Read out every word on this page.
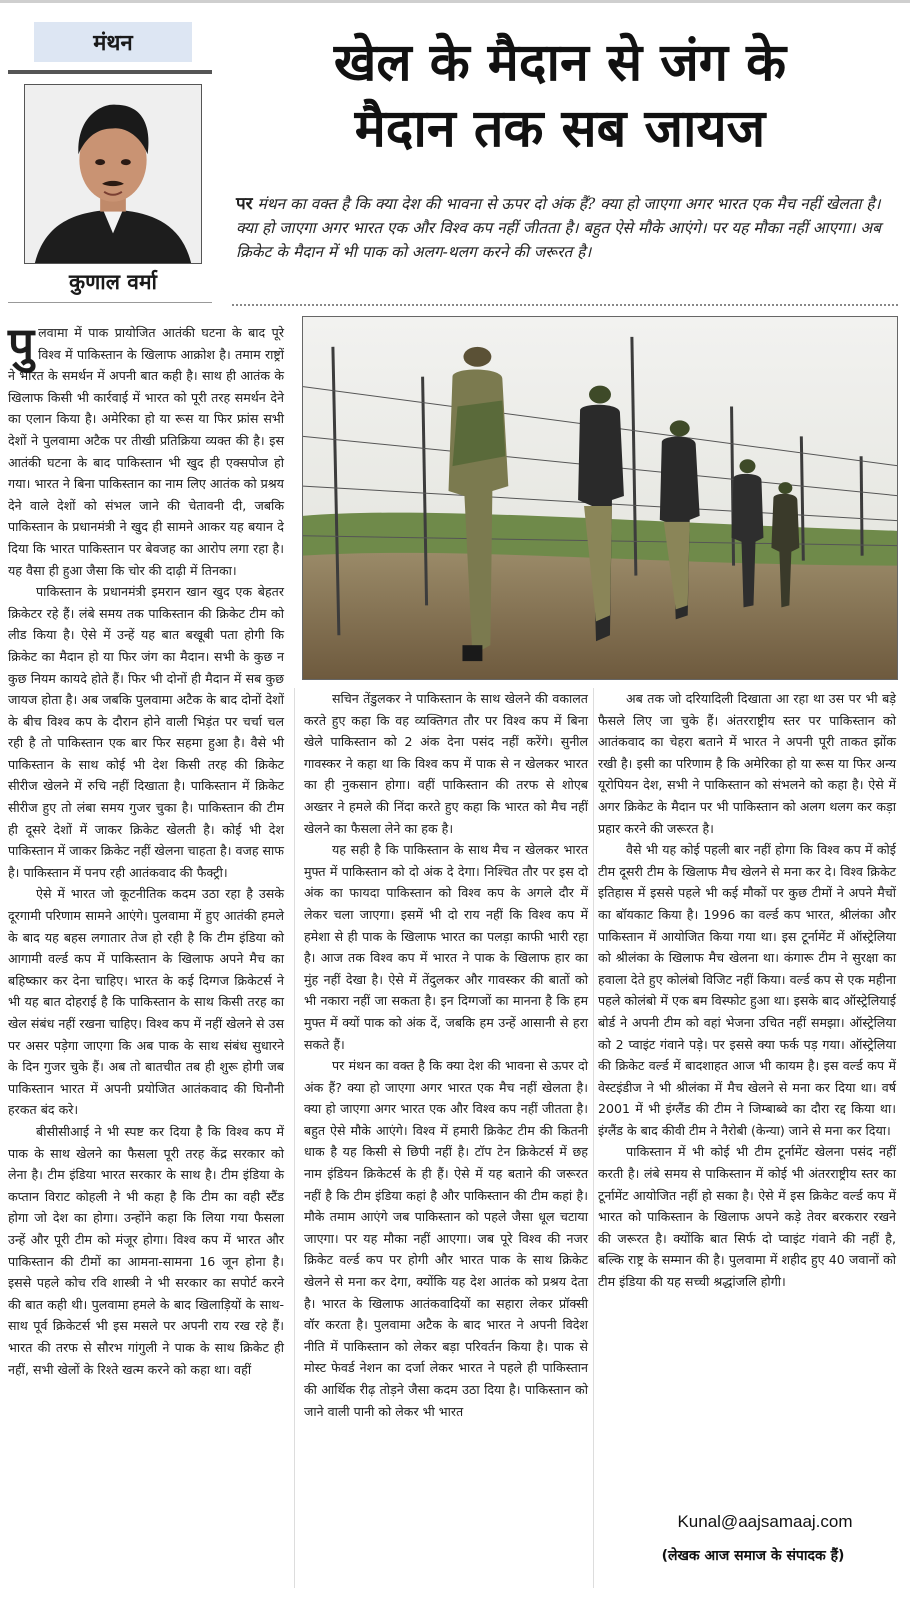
मंथन
कुणाल वर्मा
खेल के मैदान से जंग के
मैदान तक सब जायज
पर मंथन का वक्त है कि क्या देश की भावना से ऊपर दो अंक हैं? क्या हो जाएगा अगर भारत एक मैच नहीं खेलता है। क्या हो जाएगा अगर भारत एक और विश्व कप नहीं जीतता है। बहुत ऐसे मौके आएंगे। पर यह मौका नहीं आएगा। अब क्रिकेट के मैदान में भी पाक को अलग-थलग करने की जरूरत है।

पुलवामा में पाक प्रायोजित आतंकी घटना के बाद पूरे विश्व में पाकिस्तान के खिलाफ आक्रोश है। तमाम राष्ट्रों ने भारत के समर्थन में अपनी बात कही है। साथ ही आतंक के खिलाफ किसी भी कार्रवाई में भारत को पूरी तरह समर्थन देने का एलान किया है। अमेरिका हो या रूस या फिर फ्रांस सभी देशों ने पुलवामा अटैक पर तीखी प्रतिक्रिया व्यक्त की है। इस आतंकी घटना के बाद पाकिस्तान भी खुद ही एक्सपोज हो गया। भारत ने बिना पाकिस्तान का नाम लिए आतंक को प्रश्रय देने वाले देशों को संभल जाने की चेतावनी दी, जबकि पाकिस्तान के प्रधानमंत्री ने खुद ही सामने आकर यह बयान दे दिया कि भारत पाकिस्तान पर बेवजह का आरोप लगा रहा है। यह वैसा ही हुआ जैसा कि चोर की दाढ़ी में तिनका।

पाकिस्तान के प्रधानमंत्री इमरान खान खुद एक बेहतर क्रिकेटर रहे हैं। लंबे समय तक पाकिस्तान की क्रिकेट टीम को लीड किया है। ऐसे में उन्हें यह बात बखूबी पता होगी कि क्रिकेट का मैदान हो या फिर जंग का मैदान। सभी के कुछ न कुछ नियम कायदे होते हैं। फिर भी दोनों ही मैदान में सब कुछ जायज होता है। अब जबकि पुलवामा अटैक के बाद दोनों देशों के बीच विश्व कप के दौरान होने वाली भिड़ंत पर चर्चा चल रही है तो पाकिस्तान एक बार फिर सहमा हुआ है। वैसे भी पाकिस्तान के साथ कोई भी देश किसी तरह की क्रिकेट सीरीज खेलने में रुचि नहीं दिखाता है। पाकिस्तान में क्रिकेट सीरीज हुए तो लंबा समय गुजर चुका है। पाकिस्तान की टीम ही दूसरे देशों में जाकर क्रिकेट खेलती है। कोई भी देश पाकिस्तान में जाकर क्रिकेट नहीं खेलना चाहता है। वजह साफ है। पाकिस्तान में पनप रही आतंकवाद की फैक्ट्री।

ऐसे में भारत जो कूटनीतिक कदम उठा रहा है उसके दूरगामी परिणाम सामने आएंगे। पुलवामा में हुए आतंकी हमले के बाद यह बहस लगातार तेज हो रही है कि टीम इंडिया को आगामी वर्ल्ड कप में पाकिस्तान के खिलाफ अपने मैच का बहिष्कार कर देना चाहिए। भारत के कई दिग्गज क्रिकेटर्स ने भी यह बात दोहराई है कि पाकिस्तान के साथ किसी तरह का खेल संबंध नहीं रखना चाहिए। विश्व कप में नहीं खेलने से उस पर असर पड़ेगा जाएगा कि अब पाक के साथ संबंध सुधारने के दिन गुजर चुके हैं। अब तो बातचीत तब ही शुरू होगी जब पाकिस्तान भारत में अपनी प्रयोजित आतंकवाद की घिनौनी हरकत बंद करे।

बीसीसीआई ने भी स्पष्ट कर दिया है कि विश्व कप में पाक के साथ खेलने का फैसला पूरी तरह केंद्र सरकार को लेना है। टीम इंडिया भारत सरकार के साथ है। टीम इंडिया के कप्तान विराट कोहली ने भी कहा है कि टीम का वही स्टैंड होगा जो देश का होगा। उन्होंने कहा कि लिया गया फैसला उन्हें और पूरी टीम को मंजूर होगा। विश्व कप में भारत और पाकिस्तान की टीमों का आमना-सामना 16 जून होना है। इससे पहले कोच रवि शास्त्री ने भी सरकार का सपोर्ट करने की बात कही थी। पुलवामा हमले के बाद खिलाड़ियों के साथ-साथ पूर्व क्रिकेटर्स भी इस मसले पर अपनी राय रख रहे हैं। भारत की तरफ से सौरभ गांगुली ने पाक के साथ क्रिकेट ही नहीं, सभी खेलों के रिश्ते खत्म करने को कहा था। वहीं

सचिन तेंडुलकर ने पाकिस्तान के साथ खेलने की वकालत करते हुए कहा कि वह व्यक्तिगत तौर पर विश्व कप में बिना खेले पाकिस्तान को 2 अंक देना पसंद नहीं करेंगे। सुनील गावस्कर ने कहा था कि विश्व कप में पाक से न खेलकर भारत का ही नुकसान होगा। वहीं पाकिस्तान की तरफ से शोएब अख्तर ने हमले की निंदा करते हुए कहा कि भारत को मैच नहीं खेलने का फैसला लेने का हक है।

यह सही है कि पाकिस्तान के साथ मैच न खेलकर भारत मुफ्त में पाकिस्तान को दो अंक दे देगा। निश्चित तौर पर इस दो अंक का फायदा पाकिस्तान को विश्व कप के अगले दौर में लेकर चला जाएगा। इसमें भी दो राय नहीं कि विश्व कप में हमेशा से ही पाक के खिलाफ भारत का पलड़ा काफी भारी रहा है। आज तक विश्व कप में भारत ने पाक के खिलाफ हार का मुंह नहीं देखा है। ऐसे में तेंदुलकर और गावस्कर की बातों को भी नकारा नहीं जा सकता है। इन दिग्गजों का मानना है कि हम मुफ्त में क्यों पाक को अंक दें, जबकि हम उन्हें आसानी से हरा सकते हैं।

पर मंथन का वक्त है कि क्या देश की भावना से ऊपर दो अंक हैं? क्या हो जाएगा अगर भारत एक मैच नहीं खेलता है। क्या हो जाएगा अगर भारत एक और विश्व कप नहीं जीतता है। बहुत ऐसे मौके आएंगे। विश्व में हमारी क्रिकेट टीम की कितनी धाक है यह किसी से छिपी नहीं है। टॉप टेन क्रिकेटर्स में छह नाम इंडियन क्रिकेटर्स के ही हैं। ऐसे में यह बताने की जरूरत नहीं है कि टीम इंडिया कहां है और पाकिस्तान की टीम कहां है। मौके तमाम आएंगे जब पाकिस्तान को पहले जैसा धूल चटाया जाएगा। पर यह मौका नहीं आएगा। जब पूरे विश्व की नजर क्रिकेट वर्ल्ड कप पर होगी और भारत पाक के साथ क्रिकेट खेलने से मना कर देगा, क्योंकि यह देश आतंक को प्रश्रय देता है। भारत के खिलाफ आतंकवादियों का सहारा लेकर प्रॉक्सी वॉर करता है। पुलवामा अटैक के बाद भारत ने अपनी विदेश नीति में पाकिस्तान को लेकर बड़ा परिवर्तन किया है। पाक से मोस्ट फेवर्ड नेशन का दर्जा लेकर भारत ने पहले ही पाकिस्तान की आर्थिक रीढ़ तोड़ने जैसा कदम उठा दिया है। पाकिस्तान को जाने वाली पानी को लेकर भी भारत

अब तक जो दरियादिली दिखाता आ रहा था उस पर भी बड़े फैसले लिए जा चुके हैं। अंतरराष्ट्रीय स्तर पर पाकिस्तान को आतंकवाद का चेहरा बताने में भारत ने अपनी पूरी ताकत झोंक रखी है। इसी का परिणाम है कि अमेरिका हो या रूस या फिर अन्य यूरोपियन देश, सभी ने पाकिस्तान को संभलने को कहा है। ऐसे में अगर क्रिकेट के मैदान पर भी पाकिस्तान को अलग थलग कर कड़ा प्रहार करने की जरूरत है।

वैसे भी यह कोई पहली बार नहीं होगा कि विश्व कप में कोई टीम दूसरी टीम के खिलाफ मैच खेलने से मना कर दे। विश्व क्रिकेट इतिहास में इससे पहले भी कई मौकों पर कुछ टीमों ने अपने मैचों का बॉयकाट किया है। 1996 का वर्ल्ड कप भारत, श्रीलंका और पाकिस्तान में आयोजित किया गया था। इस टूर्नामेंट में ऑस्ट्रेलिया को श्रीलंका के खिलाफ मैच खेलना था। कंगारू टीम ने सुरक्षा का हवाला देते हुए कोलंबो विजिट नहीं किया। वर्ल्ड कप से एक महीना पहले कोलंबो में एक बम विस्फोट हुआ था। इसके बाद ऑस्ट्रेलियाई बोर्ड ने अपनी टीम को वहां भेजना उचित नहीं समझा। ऑस्ट्रेलिया को 2 प्वाइंट गंवाने पड़े। पर इससे क्या फर्क पड़ गया। ऑस्ट्रेलिया की क्रिकेट वर्ल्ड में बादशाहत आज भी कायम है। इस वर्ल्ड कप में वेस्टइंडीज ने भी श्रीलंका में मैच खेलने से मना कर दिया था। वर्ष 2001 में भी इंग्लैंड की टीम ने जिम्बाब्वे का दौरा रद्द किया था। इंग्लैंड के बाद कीवी टीम ने नैरोबी (केन्या) जाने से मना कर दिया।

पाकिस्तान में भी कोई भी टीम टूर्नामेंट खेलना पसंद नहीं करती है। लंबे समय से पाकिस्तान में कोई भी अंतरराष्ट्रीय स्तर का टूर्नामेंट आयोजित नहीं हो सका है। ऐसे में इस क्रिकेट वर्ल्ड कप में भारत को पाकिस्तान के खिलाफ अपने कड़े तेवर बरकरार रखने की जरूरत है। क्योंकि बात सिर्फ दो प्वाइंट गंवाने की नहीं है, बल्कि राष्ट्र के सम्मान की है। पुलवामा में शहीद हुए 40 जवानों को टीम इंडिया की यह सच्ची श्रद्धांजलि होगी।

Kunal@aajsamaaj.com
(लेखक आज समाज के संपादक हैं)
